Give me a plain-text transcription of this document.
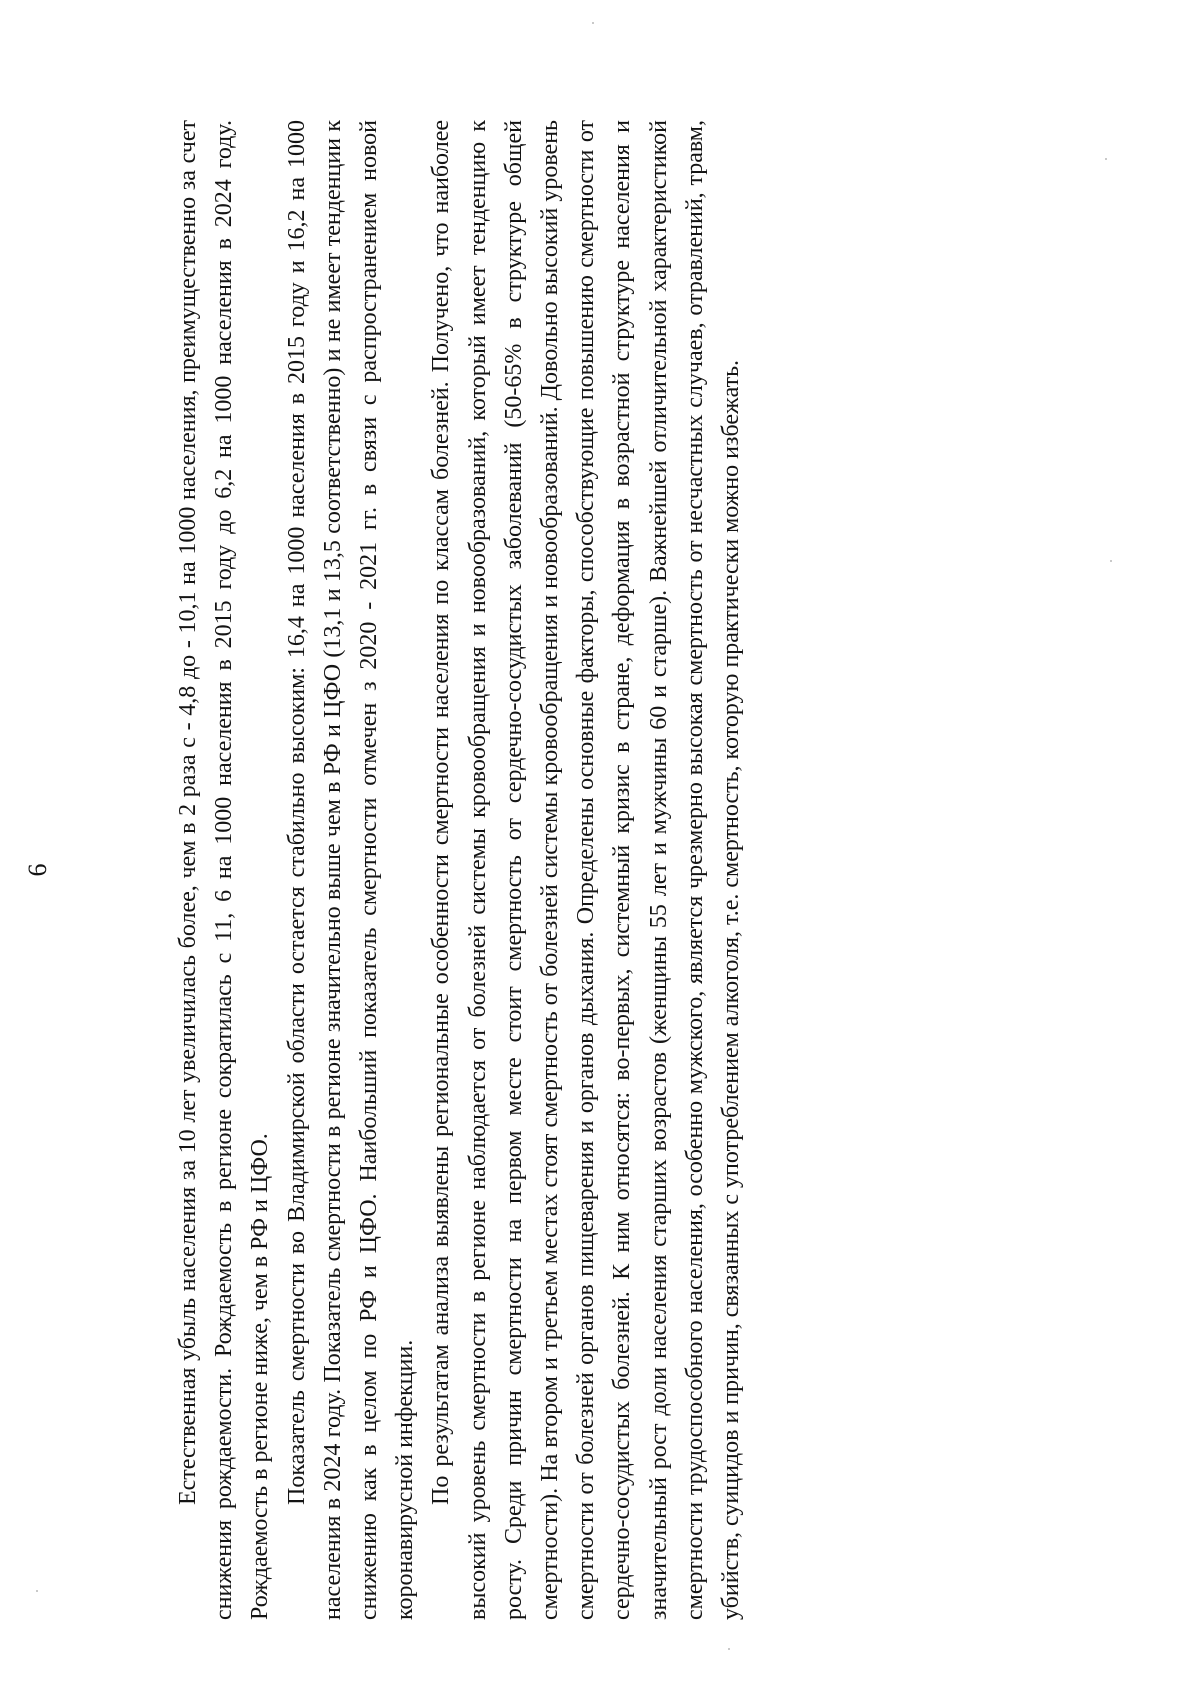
6	Естественная убыль населения за 10 лет увеличилась более, чем в 2 раза с - 4,8 до - 10,1 на 1000 населения, преимущественно за счет снижения рождаемости. Рождаемость в регионе сократилась с 11, 6 на 1000 населения в 2015 году до 6,2 на 1000 населения в 2024 году. Рождаемость в регионе ниже, чем в РФ и ЦФО. Показатель смертности во Владимирской области остается стабильно высоким: 16,4 на 1000 населения в 2015 году и 16,2 на 1000 населения в 2024 году. Показатель смертности в регионе значительно выше чем в РФ и ЦФО (13,1 и 13,5 соответственно) и не имеет тенденции к снижению как в целом по РФ и ЦФО. Наибольший показатель смертности отмечен з 2020 - 2021 гг. в связи с распространением новой коронавирусной инфекции. По результатам анализа выявлены региональные особенности смертности населения по классам болезней. Получено, что наиболее высокий уровень смертности в регионе наблюдается от болезней системы кровообращения и новообразований, который имеет тенденцию к росту. Среди причин смертности на первом месте стоит смертность от сердечно-сосудистых заболеваний (50-65% в структуре общей смертности). На втором и третьем местах стоят смертность от болезней системы кровообращения и новообразований. Довольно высокий уровень смертности от болезней органов пищеварения и органов дыхания. Определены основные факторы, способствующие повышению смертности от сердечно-сосудистых болезней. К ним относятся: во-первых, системный кризис в стране, деформация в возрастной структуре населения и значительный рост доли населения старших возрастов (женщины 55 лет и мужчины 60 и старше). Важнейшей отличительной характеристикой смертности трудоспособного населения, особенно мужского, является чрезмерно высокая смертность от несчастных случаев, отравлений, травм, убийств, суицидов и причин, связанных с употреблением алкоголя, т.е. смертность, которую практически можно избежать.
